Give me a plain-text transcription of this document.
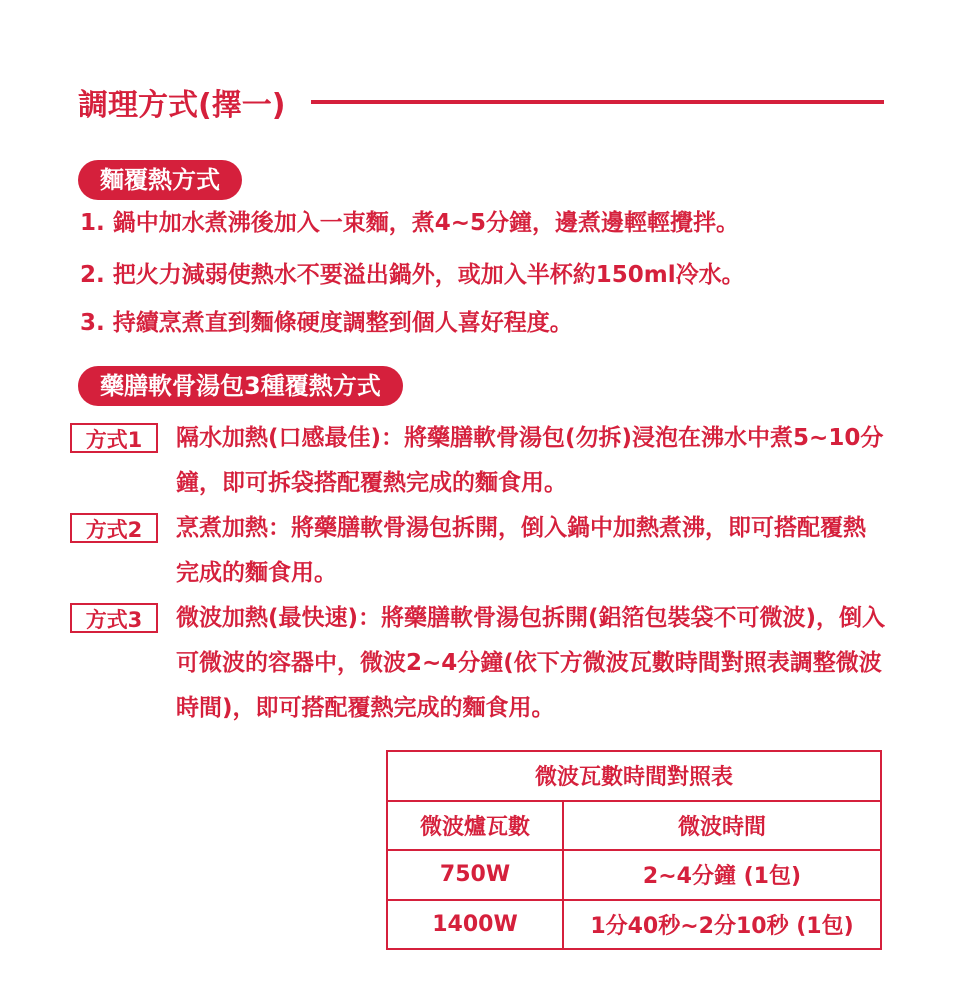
調理方式(擇一)
麵覆熱方式
1. 鍋中加水煮沸後加入一束麵，煮4~5分鐘，邊煮邊輕輕攪拌。
2. 把火力減弱使熱水不要溢出鍋外，或加入半杯約150ml冷水。
3. 持續烹煮直到麵條硬度調整到個人喜好程度。
藥膳軟骨湯包3種覆熱方式
方式1	隔水加熱(口感最佳)：將藥膳軟骨湯包(勿拆)浸泡在沸水中煮5~10分鐘，即可拆袋搭配覆熱完成的麵食用。
方式2	烹煮加熱：將藥膳軟骨湯包拆開，倒入鍋中加熱煮沸，即可搭配覆熱完成的麵食用。
方式3	微波加熱(最快速)：將藥膳軟骨湯包拆開(鋁箔包裝袋不可微波)，倒入可微波的容器中，微波2~4分鐘(依下方微波瓦數時間對照表調整微波時間)，即可搭配覆熱完成的麵食用。
微波瓦數時間對照表	
微波爐瓦數	微波時間
750W	2~4分鐘 (1包)
1400W	1分40秒~2分10秒 (1包)
